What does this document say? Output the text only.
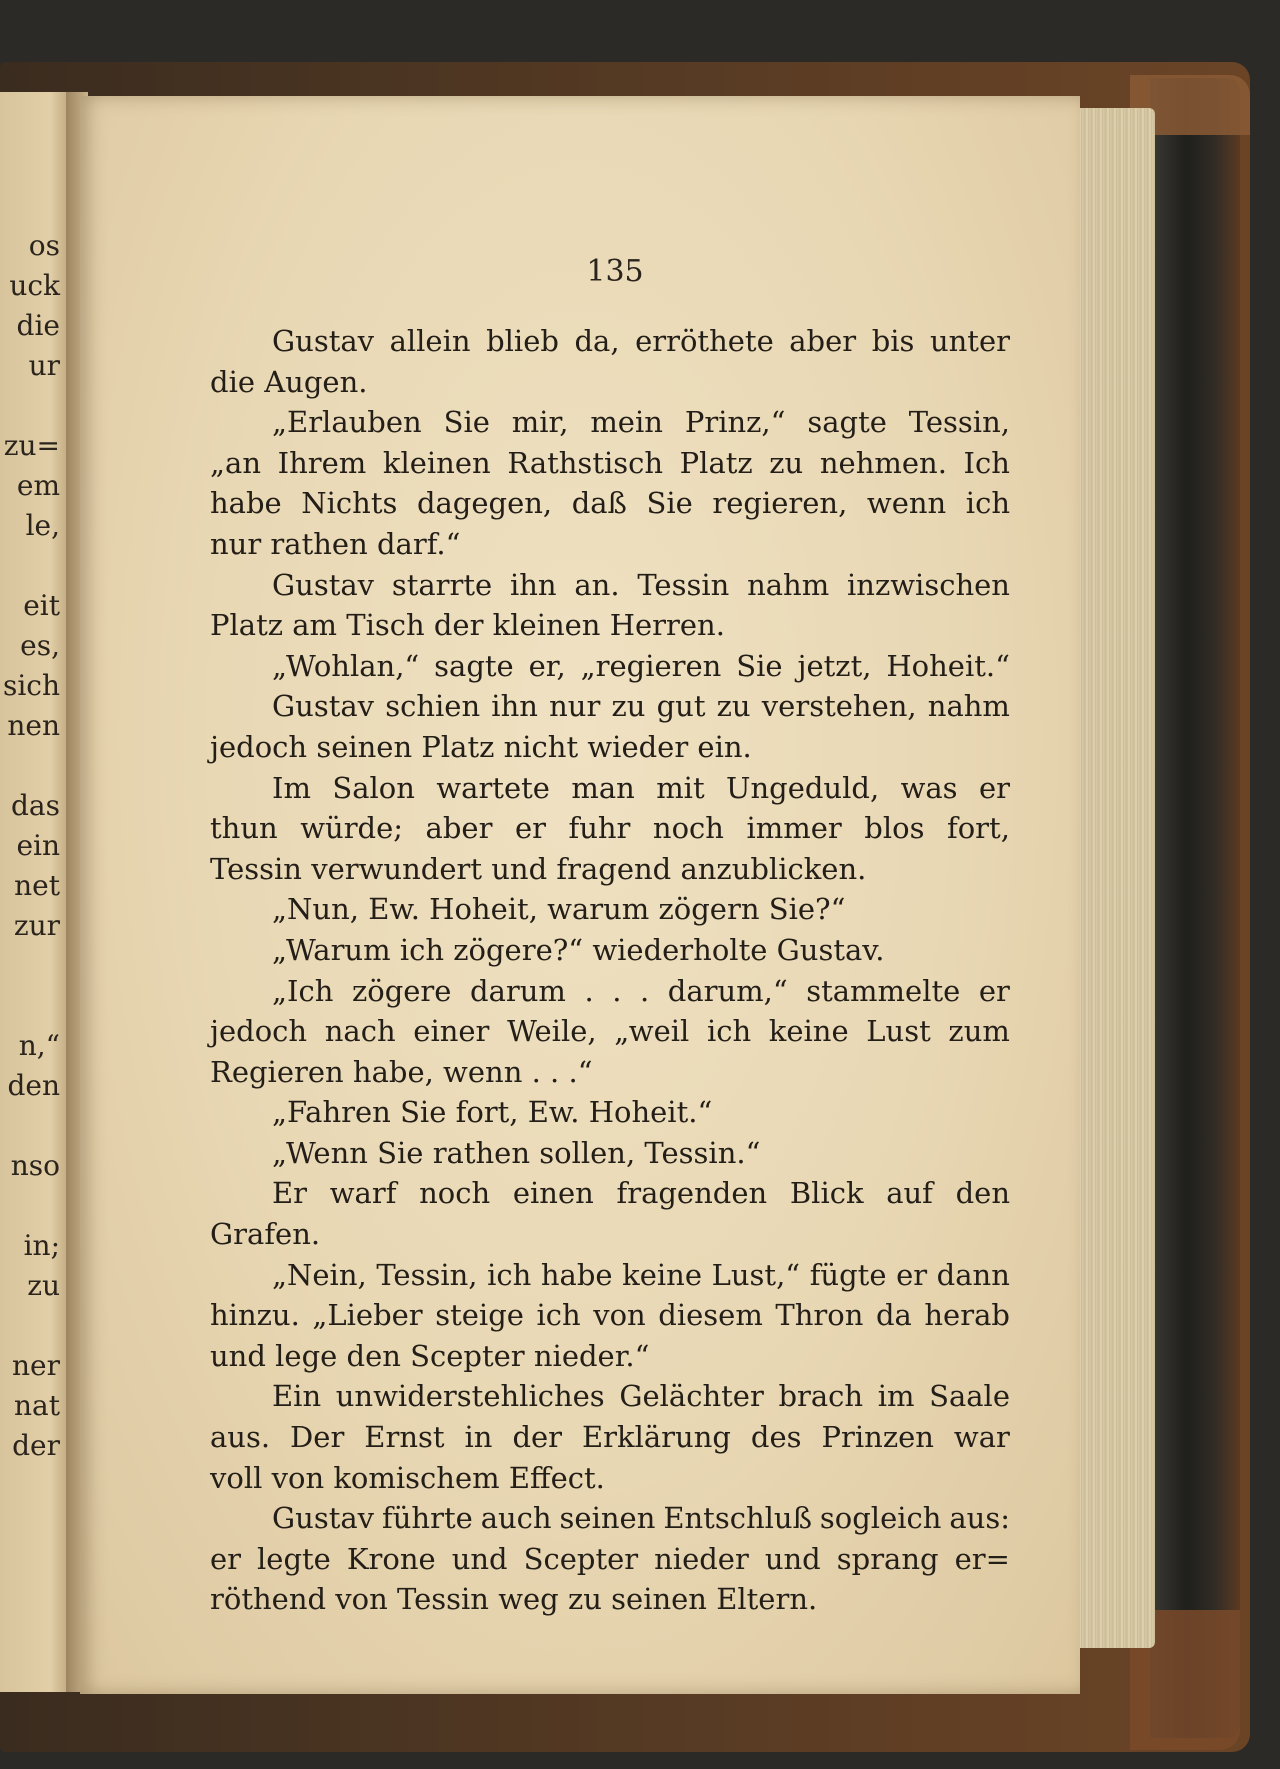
os
uck
die
ur
zu=
em
le,
eit
es,
sich
nen
das
ein
net
zur
n,“
den
nso
in;
zu
ner
nat
der
135
Gustav allein blieb da, erröthete aber bis unter
die Augen.
„Erlauben Sie mir, mein Prinz,“ sagte Tessin,
„an Ihrem kleinen Rathstisch Platz zu nehmen. Ich
habe Nichts dagegen, daß Sie regieren, wenn ich
nur rathen darf.“
Gustav starrte ihn an. Tessin nahm inzwischen
Platz am Tisch der kleinen Herren.
„Wohlan,“ sagte er, „regieren Sie jetzt, Hoheit.“
Gustav schien ihn nur zu gut zu verstehen, nahm
jedoch seinen Platz nicht wieder ein.
Im Salon wartete man mit Ungeduld, was er
thun würde; aber er fuhr noch immer blos fort,
Tessin verwundert und fragend anzublicken.
„Nun, Ew. Hoheit, warum zögern Sie?“
„Warum ich zögere?“ wiederholte Gustav.
„Ich zögere darum . . . darum,“ stammelte er
jedoch nach einer Weile, „weil ich keine Lust zum
Regieren habe, wenn . . .“
„Fahren Sie fort, Ew. Hoheit.“
„Wenn Sie rathen sollen, Tessin.“
Er warf noch einen fragenden Blick auf den
Grafen.
„Nein, Tessin, ich habe keine Lust,“ fügte er dann
hinzu. „Lieber steige ich von diesem Thron da herab
und lege den Scepter nieder.“
Ein unwiderstehliches Gelächter brach im Saale
aus. Der Ernst in der Erklärung des Prinzen war
voll von komischem Effect.
Gustav führte auch seinen Entschluß sogleich aus:
er legte Krone und Scepter nieder und sprang er=
röthend von Tessin weg zu seinen Eltern.
